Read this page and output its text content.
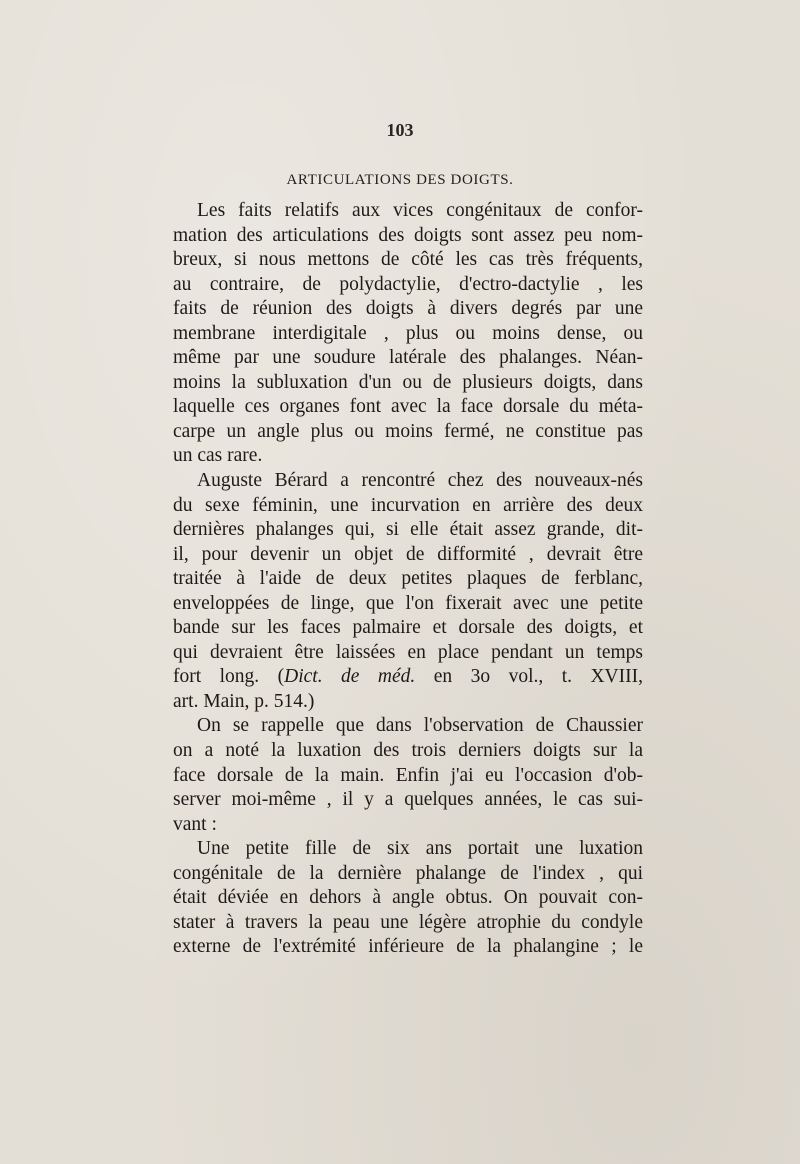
103
ARTICULATIONS DES DOIGTS.
Les faits relatifs aux vices congénitaux de confor-
mation des articulations des doigts sont assez peu nom-
breux, si nous mettons de côté les cas très fréquents,
au contraire, de polydactylie, d'ectro-dactylie , les
faits de réunion des doigts à divers degrés par une
membrane interdigitale , plus ou moins dense, ou
même par une soudure latérale des phalanges. Néan-
moins la subluxation d'un ou de plusieurs doigts, dans
laquelle ces organes font avec la face dorsale du méta-
carpe un angle plus ou moins fermé, ne constitue pas
un cas rare.
Auguste Bérard a rencontré chez des nouveaux-nés
du sexe féminin, une incurvation en arrière des deux
dernières phalanges qui, si elle était assez grande, dit-
il, pour devenir un objet de difformité , devrait être
traitée à l'aide de deux petites plaques de ferblanc,
enveloppées de linge, que l'on fixerait avec une petite
bande sur les faces palmaire et dorsale des doigts, et
qui devraient être laissées en place pendant un temps
fort long. (Dict. de méd. en 3o vol., t. XVIII,
art. Main, p. 514.)
On se rappelle que dans l'observation de Chaussier
on a noté la luxation des trois derniers doigts sur la
face dorsale de la main. Enfin j'ai eu l'occasion d'ob-
server moi-même , il y a quelques années, le cas sui-
vant :
Une petite fille de six ans portait une luxation
congénitale de la dernière phalange de l'index , qui
était déviée en dehors à angle obtus. On pouvait con-
stater à travers la peau une légère atrophie du condyle
externe de l'extrémité inférieure de la phalangine ; le
